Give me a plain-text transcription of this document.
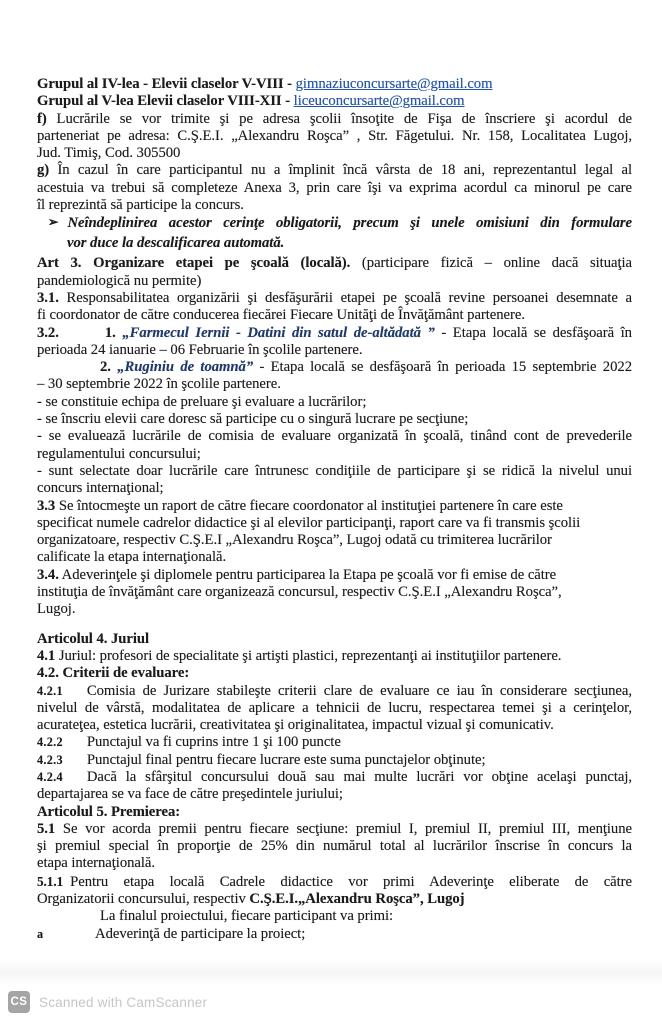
Grupul al IV-lea - Elevii claselor V-VIII - gimnaziuconcursarte@gmail.com
Grupul al V-lea Elevii claselor VIII-XII - liceuconcursarte@gmail.com
f) Lucrările se vor trimite şi pe adresa şcolii însoţite de Fişa de înscriere şi acordul de
parteneriat pe adresa: C.Ş.E.I. „Alexandru Roşca” , Str. Făgetului. Nr. 158, Localitatea Lugoj,
Jud. Timiş, Cod. 305500
g) În cazul în care participantul nu a împlinit încă vârsta de 18 ani, reprezentantul legal al
acestuia va trebui să completeze Anexa 3, prin care îşi va exprima acordul ca minorul pe care
îl reprezintă să participe la concurs.
➢ Neîndeplinirea acestor cerinţe obligatorii, precum şi unele omisiuni din formulare
vor duce la descalificarea automată.
Art 3. Organizare etapei pe şcoală (locală). (participare fizică – online dacă situaţia
pandemiologică nu permite)
3.1. Responsabilitatea organizării şi desfăşurării etapei pe şcoală revine persoanei desemnate a
fi coordonator de către conducerea fiecărei Fiecare Unităţi de Învăţământ partenere.
3.2.       1. „Farmecul Iernii - Datini din satul de-altădată ” - Etapa locală se desfăşoară în
perioada 24 ianuarie – 06 Februarie în şcolile partenere.
2. „Ruginiu de toamnă” - Etapa locală se desfăşoară în perioada 15 septembrie 2022
– 30 septembrie 2022 în şcolile partenere.
- se constituie echipa de preluare şi evaluare a lucrărilor;
- se înscriu elevii care doresc să participe cu o singură lucrare pe secţiune;
- se evaluează lucrările de comisia de evaluare organizată în şcoală, tinând cont de prevederile
regulamentului concursului;
- sunt selectate doar lucrările care întrunesc condiţiile de participare şi se ridică la nivelul unui
concurs internaţional;
3.3 Se întocmeşte un raport de către fiecare coordonator al instituţiei partenere în care este
specificat numele cadrelor didactice şi al elevilor participanţi, raport care va fi transmis şcolii
organizatoare, respectiv C.Ş.E.I „Alexandru Roşca”, Lugoj odată cu trimiterea lucrărilor
calificate la etapa internaţională.
3.4. Adeverinţele şi diplomele pentru participarea la Etapa pe şcoală vor fi emise de către
instituţia de învăţământ care organizează concursul, respectiv C.Ş.E.I „Alexandru Roşca”,
Lugoj.
Articolul 4. Juriul
4.1 Juriul: profesori de specialitate şi artişti plastici, reprezentanţi ai instituţiilor partenere.
4.2. Criterii de evaluare:
4.2.1 Comisia de Jurizare stabileşte criterii clare de evaluare ce iau în considerare secţiunea,
nivelul de vârstă, modalitatea de aplicare a tehnicii de lucru, respectarea temei şi a cerinţelor,
acurateţea, estetica lucrării, creativitatea şi originalitatea, impactul vizual şi comunicativ.
4.2.2 Punctajul va fi cuprins intre 1 şi 100 puncte
4.2.3 Punctajul final pentru fiecare lucrare este suma punctajelor obţinute;
4.2.4 Dacă la sfârşitul concursului două sau mai multe lucrări vor obţine acelaşi punctaj,
departajarea se va face de către preşedintele juriului;
Articolul 5. Premierea:
5.1 Se vor acorda premii pentru fiecare secţiune: premiul I, premiul II, premiul III, menţiune
şi premiul special în proporţie de 25% din numărul total al lucrărilor înscrise în concurs la
etapa internaţională.
5.1.1 Pentru etapa locală Cadrele didactice vor primi Adeverinţe eliberate de către
Organizatorii concursului, respectiv C.Ş.E.I.„Alexandru Roşca”, Lugoj
La finalul proiectului, fiecare participant va primi:
a	Adeverinţă de participare la proiect;
CS Scanned with CamScanner
